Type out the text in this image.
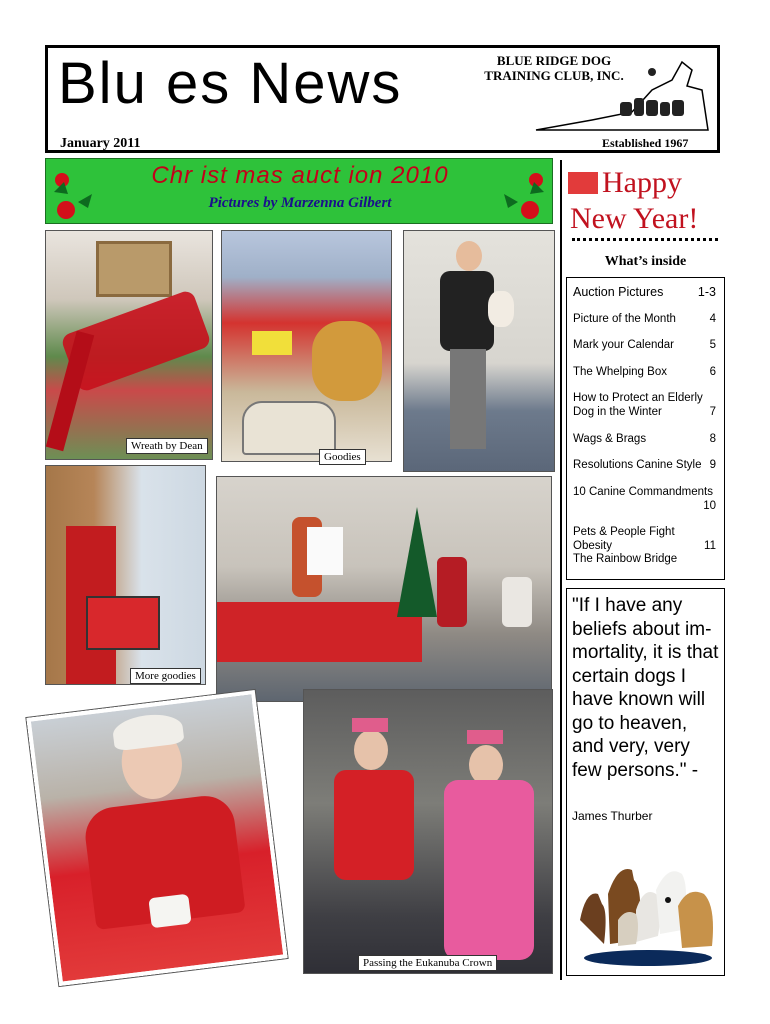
Blu es News
January 2011
BLUE RIDGE DOG TRAINING CLUB, INC.
Established 1967
Chr ist mas auct ion 2010
Pictures by Marzenna Gilbert
Wreath by Dean
Goodies
More goodies
Passing the Eukanuba Crown
Happy
New Year!
What’s inside
Auction Pictures	1-3
Picture of the Month	4
Mark your Calendar	5
The Whelping Box	6
How to Protect an Elderly Dog in the Winter	7
Wags & Brags	8
Resolutions Canine Style 9
10 Canine Commandments
10
Pets & People Fight Obesity	11
The Rainbow Bridge
"If I have any beliefs about im-mortality, it is that certain dogs I have known will go to heaven, and very, very few persons." -
James Thurber
